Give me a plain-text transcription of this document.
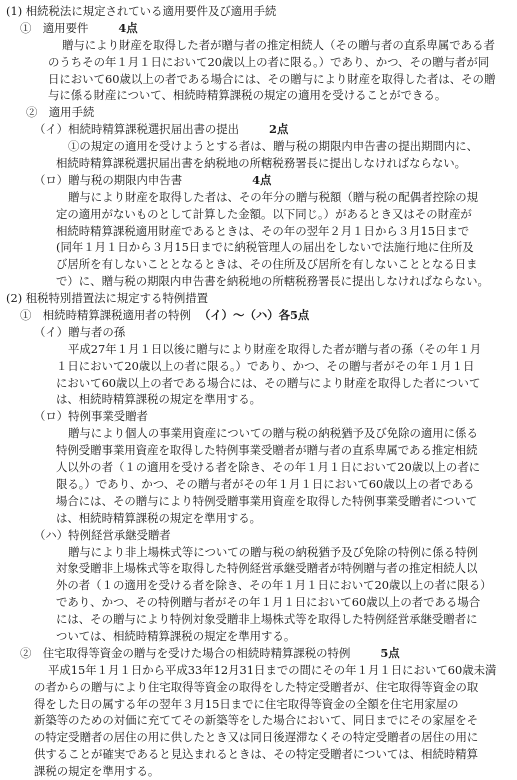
(1) 相続税法に規定されている適用要件及び適用手続
①　適用要件	4点
贈与により財産を取得した者が贈与者の推定相続人（その贈与者の直系卑属である者
のうちその年１月１日において20歳以上の者に限る。）であり、かつ、その贈与者が同
日において60歳以上の者である場合には、その贈与により財産を取得した者は、その贈
与に係る財産について、相続時精算課税の規定の適用を受けることができる。
②　適用手続
（イ）相続時精算課税選択届出書の提出	2点
①の規定の適用を受けようとする者は、贈与税の期限内申告書の提出期間内に、
相続時精算課税選択届出書を納税地の所轄税務署長に提出しなければならない。
（ロ）贈与税の期限内申告書	4点
贈与により財産を取得した者は、その年分の贈与税額（贈与税の配偶者控除の規
定の適用がないものとして計算した金額。以下同じ。）があるとき又はその財産が
相続時精算課税適用財産であるときは、その年の翌年２月１日から３月15日まで
(同年１月１日から３月15日までに納税管理人の届出をしないで法施行地に住所及
び居所を有しないこととなるときは、その住所及び居所を有しないこととなる日ま
で）に、贈与税の期限内申告書を納税地の所轄税務署長に提出しなければならない。
(2) 租税特別措置法に規定する特例措置
①　相続時精算課税適用者の特例 （イ）～（ハ）各5点
（イ）贈与者の孫
平成27年１月１日以後に贈与により財産を取得した者が贈与者の孫（その年１月
１日において20歳以上の者に限る。）であり、かつ、その贈与者がその年１月１日
において60歳以上の者である場合には、その贈与により財産を取得した者について
は、相続時精算課税の規定を準用する。
（ロ）特例事業受贈者
贈与により個人の事業用資産についての贈与税の納税猶予及び免除の適用に係る
特例受贈事業用資産を取得した特例事業受贈者が贈与者の直系卑属である推定相続
人以外の者（１の適用を受ける者を除き、その年１月１日において20歳以上の者に
限る。）であり、かつ、その贈与者がその年１月１日において60歳以上の者である
場合には、その贈与により特例受贈事業用資産を取得した特例事業受贈者について
は、相続時精算課税の規定を準用する。
（ハ）特例経営承継受贈者
贈与により非上場株式等についての贈与税の納税猶予及び免除の特例に係る特例
対象受贈非上場株式等を取得した特例経営承継受贈者が特例贈与者の推定相続人以
外の者（１の適用を受ける者を除き、その年１月１日において20歳以上の者に限る）
であり、かつ、その特例贈与者がその年１月１日において60歳以上の者である場合
には、その贈与により特例対象受贈非上場株式等を取得した特例経営承継受贈者に
ついては、相続時精算課税の規定を準用する。
②　住宅取得等資金の贈与を受けた場合の相続時精算課税の特例	5点
平成15年１月１日から平成33年12月31日までの間にその年１月１日において60歳未満
の者からの贈与により住宅取得等資金の取得をした特定受贈者が、住宅取得等資金の取
得をした日の属する年の翌年３月15日までに住宅取得等資金の全額を住宅用家屋の
新築等のための対価に充ててその新築等をした場合において、同日までにその家屋をそ
の特定受贈者の居住の用に供したとき又は同日後遅滞なくその特定受贈者の居住の用に
供することが確実であると見込まれるときは、その特定受贈者については、相続時精算
課税の規定を準用する。
